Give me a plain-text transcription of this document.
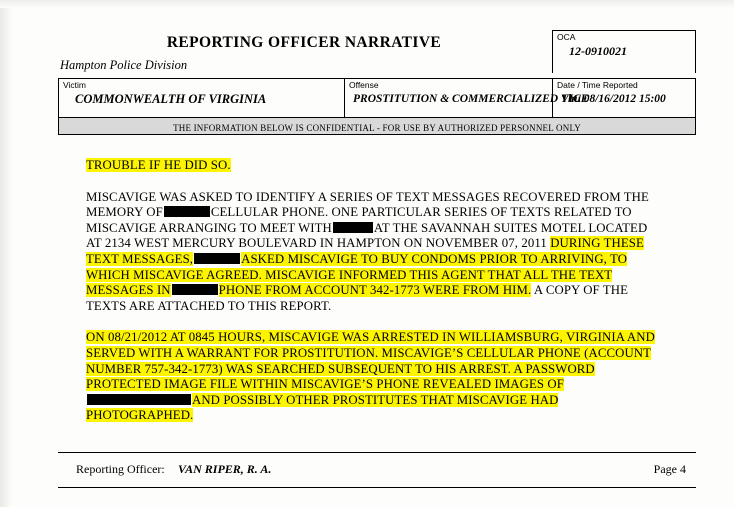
REPORTING OFFICER NARRATIVE	OCA
12-0910021
Hampton Police Division
Victim
COMMONWEALTH OF VIRGINIA
Offense
PROSTITUTION & COMMERCIALIZED VICE
Date / Time Reported
Thu 08/16/2012 15:00
THE INFORMATION BELOW IS CONFIDENTIAL - FOR USE BY AUTHORIZED PERSONNEL ONLY

TROUBLE IF HE DID SO.

MISCAVIGE WAS ASKED TO IDENTIFY A SERIES OF TEXT MESSAGES RECOVERED FROM THE MEMORY OF	CELLULAR PHONE. ONE PARTICULAR SERIES OF TEXTS RELATED TO MISCAVIGE ARRANGING TO MEET WITH	AT THE SAVANNAH SUITES MOTEL LOCATED AT 2134 WEST MERCURY BOULEVARD IN HAMPTON ON NOVEMBER 07, 2011 DURING THESE TEXT MESSAGES,	ASKED MISCAVIGE TO BUY CONDOMS PRIOR TO ARRIVING, TO WHICH MISCAVIGE AGREED. MISCAVIGE INFORMED THIS AGENT THAT ALL THE TEXT MESSAGES IN	PHONE FROM ACCOUNT 342-1773 WERE FROM HIM. A COPY OF THE TEXTS ARE ATTACHED TO THIS REPORT.

ON 08/21/2012 AT 0845 HOURS, MISCAVIGE WAS ARRESTED IN WILLIAMSBURG, VIRGINIA AND SERVED WITH A WARRANT FOR PROSTITUTION. MISCAVIGE’S CELLULAR PHONE (ACCOUNT NUMBER 757-342-1773) WAS SEARCHED SUBSEQUENT TO HIS ARREST. A PASSWORD PROTECTED IMAGE FILE WITHIN MISCAVIGE’S PHONE REVEALED IMAGES OFAND POSSIBLY OTHER PROSTITUTES THAT MISCAVIGE HAD PHOTOGRAPHED.

Reporting Officer: VAN RIPER, R. A.	Page 4
